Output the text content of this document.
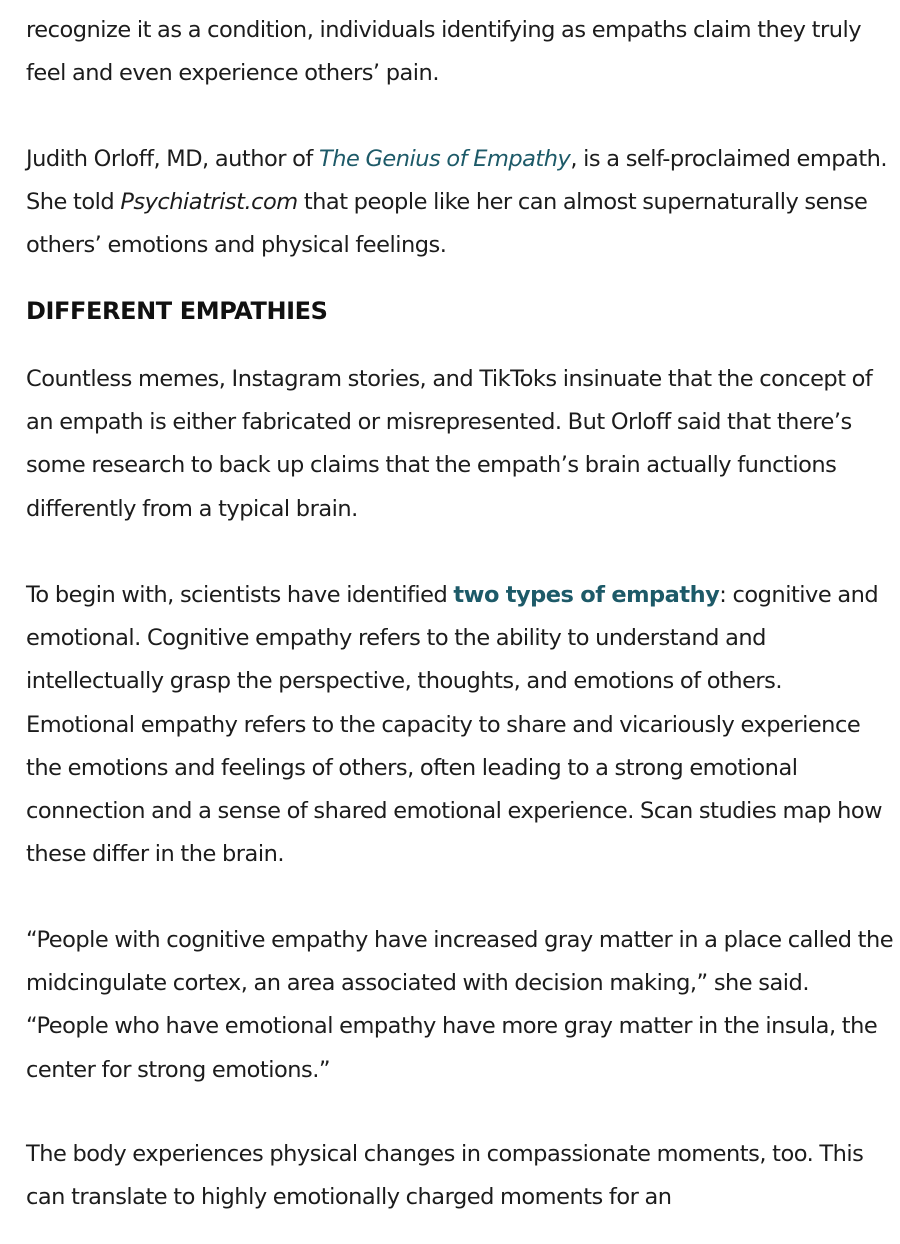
recognize it as a condition, individuals identifying as empaths claim they truly feel and even experience others’ pain.

Judith Orloff, MD, author of The Genius of Empathy, is a self-proclaimed empath. She told Psychiatrist.com that people like her can almost supernaturally sense others’ emotions and physical feelings.

DIFFERENT EMPATHIES

Countless memes, Instagram stories, and TikToks insinuate that the concept of an empath is either fabricated or misrepresented. But Orloff said that there’s some research to back up claims that the empath’s brain actually functions differently from a typical brain.

To begin with, scientists have identified two types of empathy: cognitive and emotional. Cognitive empathy refers to the ability to understand and intellectually grasp the perspective, thoughts, and emotions of others. Emotional empathy refers to the capacity to share and vicariously experience the emotions and feelings of others, often leading to a strong emotional connection and a sense of shared emotional experience. Scan studies map how these differ in the brain.

“People with cognitive empathy have increased gray matter in a place called the midcingulate cortex, an area associated with decision making,” she said. “People who have emotional empathy have more gray matter in the insula, the center for strong emotions.”

The body experiences physical changes in compassionate moments, too. This can translate to highly emotionally charged moments for an
